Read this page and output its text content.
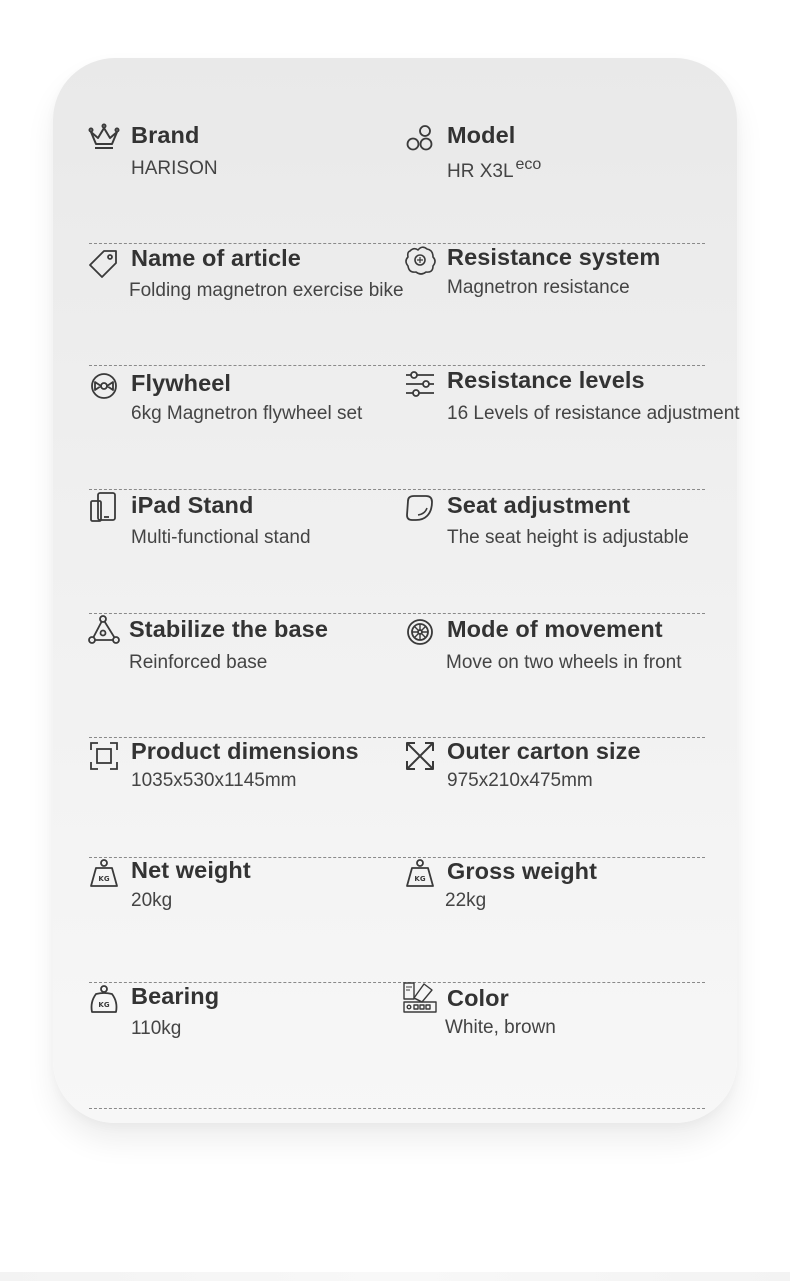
Brand
HARISON
Model
HR X3L $^{eco}$
Name of article
Folding magnetron exercise bike
Resistance system
Magnetron resistance
Flywheel
6kg Magnetron flywheel set
Resistance levels
16 Levels of resistance adjustment
iPad Stand
Multi-functional stand
Seat adjustment
The seat height is adjustable
Stabilize the base
Reinforced base
Mode of movement
Move on two wheels in front
Product dimensions
1035x530x1145mm
Outer carton size
975x210x475mm
KG Net weight
20kg
KG Gross weight
22kg
KG Bearing
110kg
Color
White, brown
